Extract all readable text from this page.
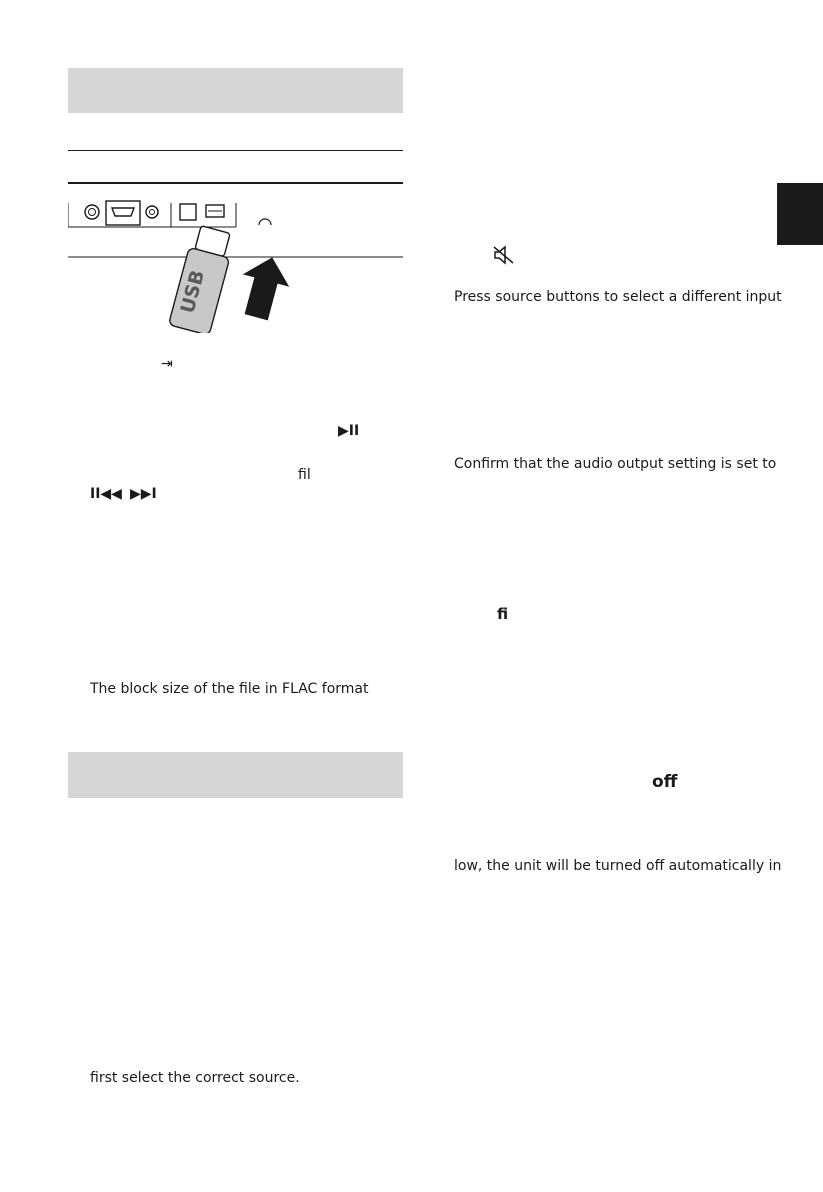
USB
⇥
▶II
fil
II◀◀ ▶▶I
The block size of the file in FLAC format
first select the correct source.
Press source buttons to select a different input
Confirm that the audio output setting is set to
fi
off
low, the unit will be turned off automatically in
